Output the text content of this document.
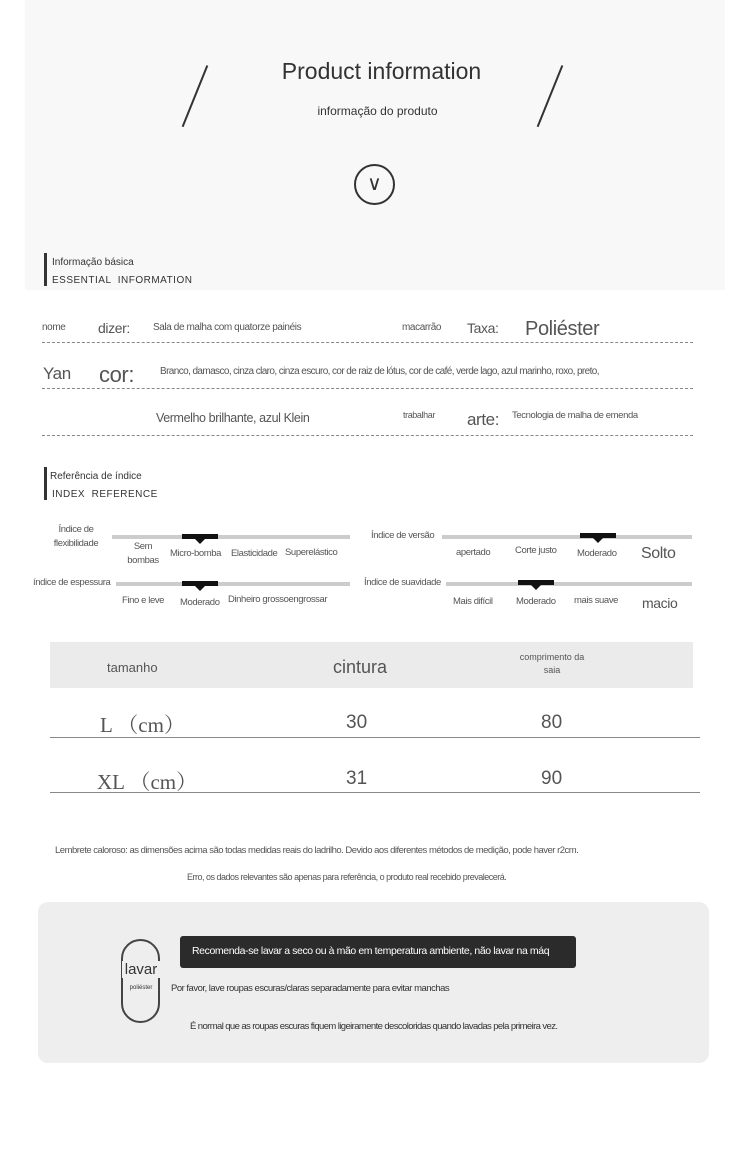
Product information
informação do produto
∨
Informação básica
ESSENTIAL  INFORMATION
nome dizer: Sala de malha com quatorze painéis	macarrão Taxa: Poliéster
Yan cor:	Branco, damasco, cinza claro, cinza escuro, cor de raiz de lótus, cor de café, verde lago, azul marinho, roxo, preto,
Vermelho brilhante, azul Klein	trabalhar arte: Tecnologia de malha de emenda
Referência de índice
INDEX  REFERENCE
Índice de flexibilidade	Sem bombas
Micro-bomba Elasticidade Superelástico
Índice de versão
apertado	Corte justo Moderado Solto
índice de espessura
Fino e leve Moderado Dinheiro grossoengrossar
Índice de suavidade
Mais difícil Moderado mais suave macio
tamanho	cintura	comprimento da saia
L （cm）	30	80
XL （cm）	31	90
Lembrete caloroso: as dimensões acima são todas medidas reais do ladrilho. Devido aos diferentes métodos de medição, pode haver r2cm.
Erro, os dados relevantes são apenas para referência, o produto real recebido prevalecerá.
lavar
poliéster
Recomenda-se lavar a seco ou à mão em temperatura ambiente, não lavar na máq
Por favor, lave roupas escuras/claras separadamente para evitar manchas
É normal que as roupas escuras fiquem ligeiramente descoloridas quando lavadas pela primeira vez.
